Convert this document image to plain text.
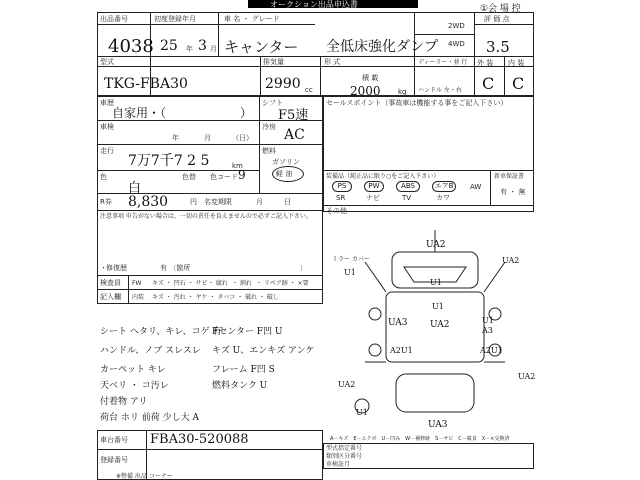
オークション出品申込書	①会 場 控
出品番号
4038
初度登録年月
25 年 3 月
車 名 ・ グレード
キャンター 全低床強化ダンプ
2WD
4WD
評 価 点
3.5
型式
TKG-FBA30
排気量
2990 cc
形 式	ディーラー・並 行
積 載
2000 kg ハンドル 左・右
外 装 内 装
C C
車歴
自家用・（	）
シフト
F5速
車検
年	月	（日）
冷房 AC
走行
7万7千7 2 5	km
燃料
ガソリン
軽 油
色	色替 色コード
白
9
R券 8,830	円 名変期限	月	日
注意事項 申告がない場合は、一切の責任を負えませんので必ずご記入下さい。
修復歴	有 〔箇所	〕
・
検査員
記入欄
FW キズ ・ 凹石 ・ サビ ・ 腐れ ・ 割れ ・ リペア跡 ・ ×要
内装 キズ ・ 汚れ ・ ヤケ ・ タバコ ・ 破れ ・ 破し
セールスポイント（事故車は機能する事をご記入下さい）
装備品（純正品に限り○をご記入下さい）
PS	PW	ABS	エアB	AW
SR	ナビ	TV	カワ
新車保証書
有 ・ 無
その他
シート ヘタリ、キレ、コゲ 有
ハンドル、ノブ スレスレ
カーペット キレ
天ベリ ・ コ汚レ
付着物 アリ
荷台 ホリ 前荷 少し大 A
Fセンター F凹 U
キズ U、エンキズ アンケ
フレーム F凹 S
燃料タンク U
ミラー カバー
UA2
UA2
U1
U1
U1
UA3 UA2	U1
A3
A2U1	A2U1
UA2
UA2
UA3
U1
A－キズ　E－エクボ　U－凹み　W－補修跡　S－サビ　C－腐食　X－×交換済
車台番号 FBA30-520088
登録番号
型式指定番号
類別区分番号
車検証月
※整備 出品 コーナー
